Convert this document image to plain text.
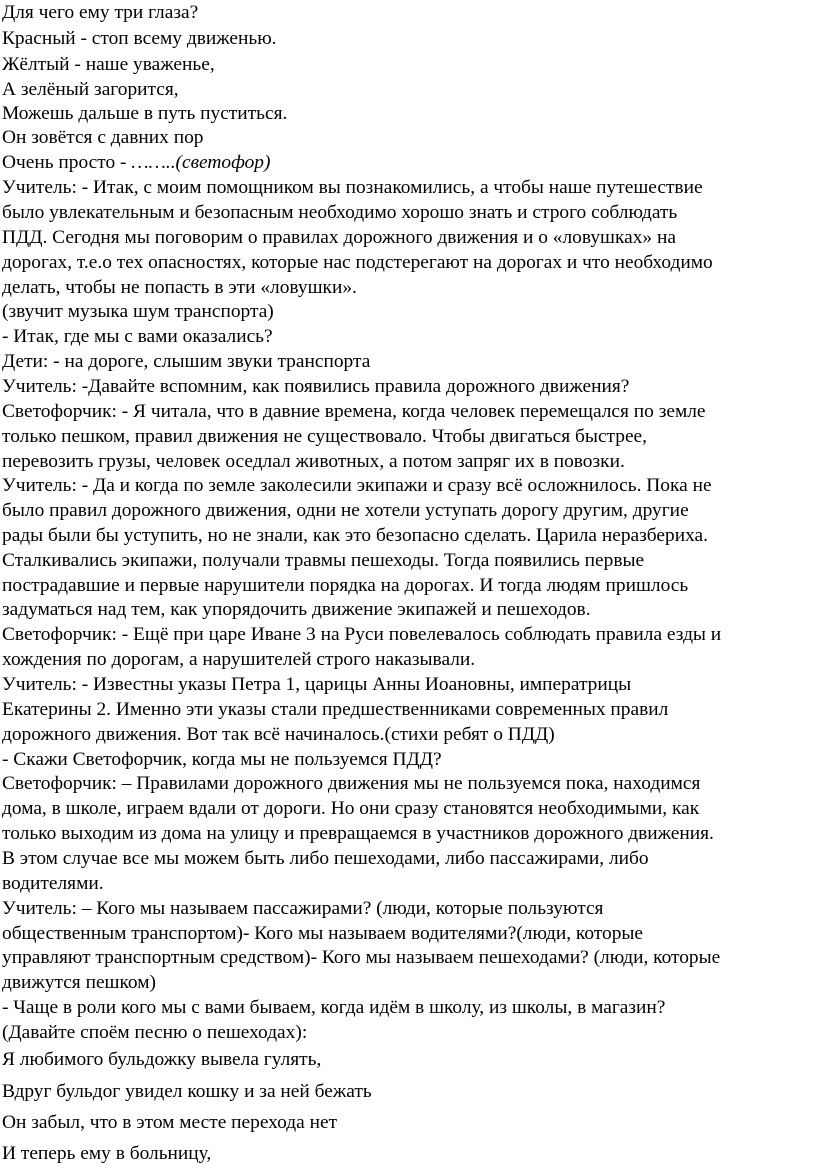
Для чего ему три глаза?
Красный - стоп всему движенью.
Жёлтый - наше уваженье,
А зелёный загорится,
Можешь дальше в путь пуститься.
Он зовётся с давних пор
Очень просто - ……..(светофор)
Учитель: - Итак, с моим помощником вы познакомились, а чтобы наше путешествие
было увлекательным и безопасным необходимо хорошо знать и строго соблюдать
ПДД. Сегодня мы поговорим о правилах дорожного движения и о «ловушках» на
дорогах, т.е.о тех опасностях, которые нас подстерегают на дорогах и что необходимо
делать, чтобы не попасть в эти «ловушки».
(звучит музыка шум транспорта)
- Итак, где мы с вами оказались?
Дети: - на дороге, слышим звуки транспорта
Учитель: -Давайте вспомним, как появились правила дорожного движения?
Светофорчик: - Я читала, что в давние времена, когда человек перемещался по земле
только пешком, правил движения не существовало. Чтобы двигаться быстрее,
перевозить грузы, человек оседлал животных, а потом запряг их в повозки.
Учитель: - Да и когда по земле заколесили экипажи и сразу всё осложнилось. Пока не
было правил дорожного движения, одни не хотели уступать дорогу другим, другие
рады были бы уступить, но не знали, как это безопасно сделать. Царила неразбериха.
Сталкивались экипажи, получали травмы пешеходы. Тогда появились первые
пострадавшие и первые нарушители порядка на дорогах. И тогда людям пришлось
задуматься над тем, как упорядочить движение экипажей и пешеходов.
Светофорчик: - Ещё при царе Иване 3 на Руси повелевалось соблюдать правила езды и
хождения по дорогам, а нарушителей строго наказывали.
Учитель: - Известны указы Петра 1, царицы Анны Иоановны, императрицы
Екатерины 2. Именно эти указы стали предшественниками современных правил
дорожного движения. Вот так всё начиналось.(стихи ребят о ПДД)
- Скажи Светофорчик, когда мы не пользуемся ПДД?
Светофорчик: – Правилами дорожного движения мы не пользуемся пока, находимся
дома, в школе, играем вдали от дороги. Но они сразу становятся необходимыми, как
только выходим из дома на улицу и превращаемся в участников дорожного движения.
В этом случае все мы можем быть либо пешеходами, либо пассажирами, либо
водителями.
Учитель: – Кого мы называем пассажирами? (люди, которые пользуются
общественным транспортом)- Кого мы называем водителями?(люди, которые
управляют транспортным средством)- Кого мы называем пешеходами? (люди, которые
движутся пешком)
- Чаще в роли кого мы с вами бываем, когда идём в школу, из школы, в магазин?
(Давайте споём песню о пешеходах):
Я любимого бульдожку вывела гулять,
Вдруг бульдог увидел кошку и за ней бежать
Он забыл, что в этом месте перехода нет
И теперь ему в больницу,
